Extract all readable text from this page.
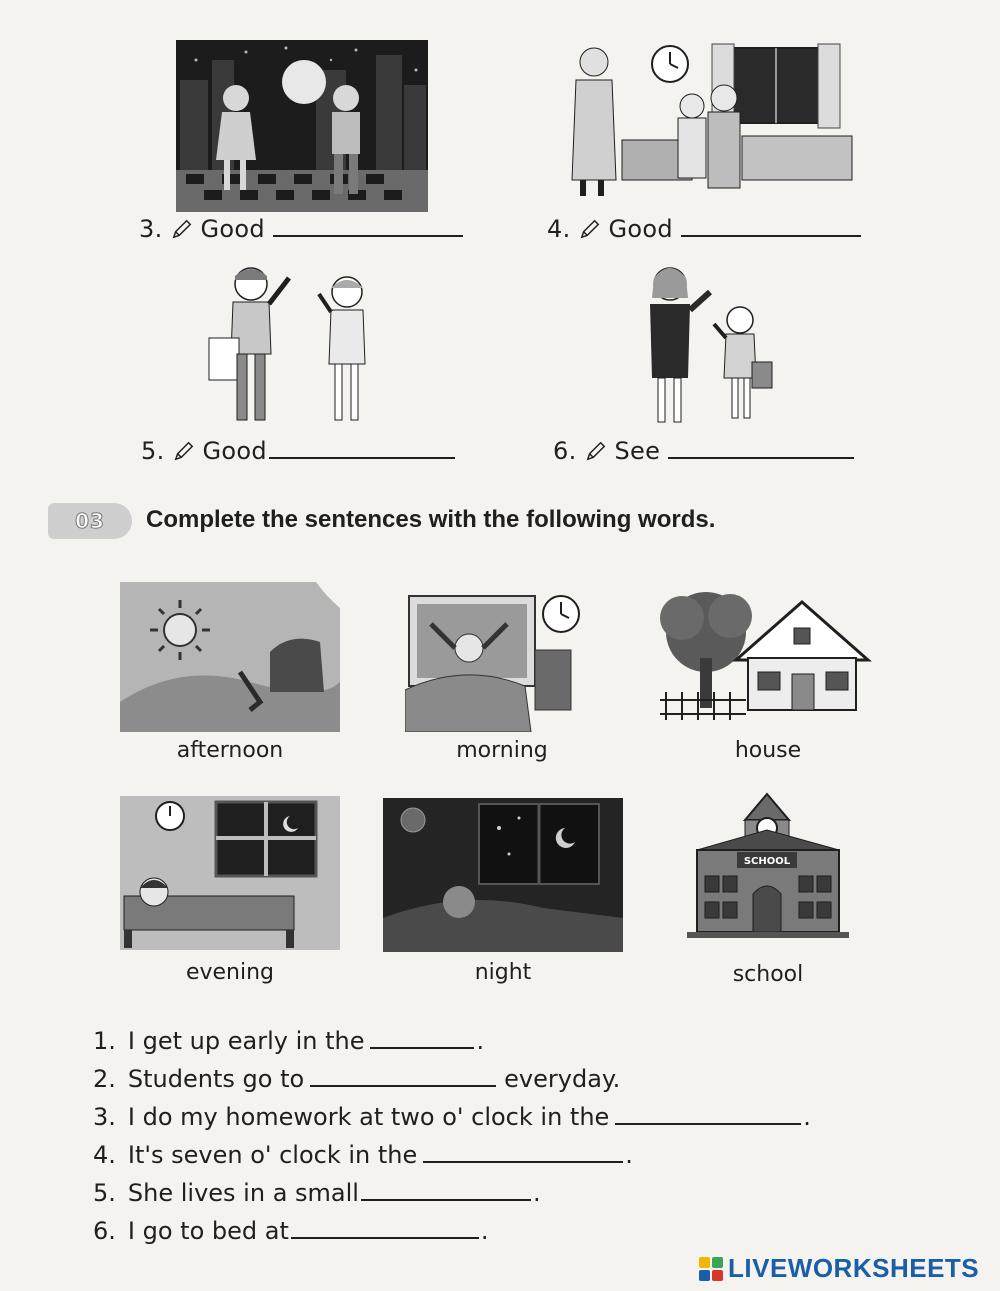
3. Good	4. Good
5. Good	6. See
03 Complete the sentences with the following words.
afternoon	morning	house
evening	night
SCHOOL
school
1. I get up early in the	.
2. Students go to	everyday.
3. I do my homework at two o' clock in the	.
4. It's seven o' clock in the	.
5. She lives in a small	.
6. I go to bed at	.
LIVEWORKSHEETS
